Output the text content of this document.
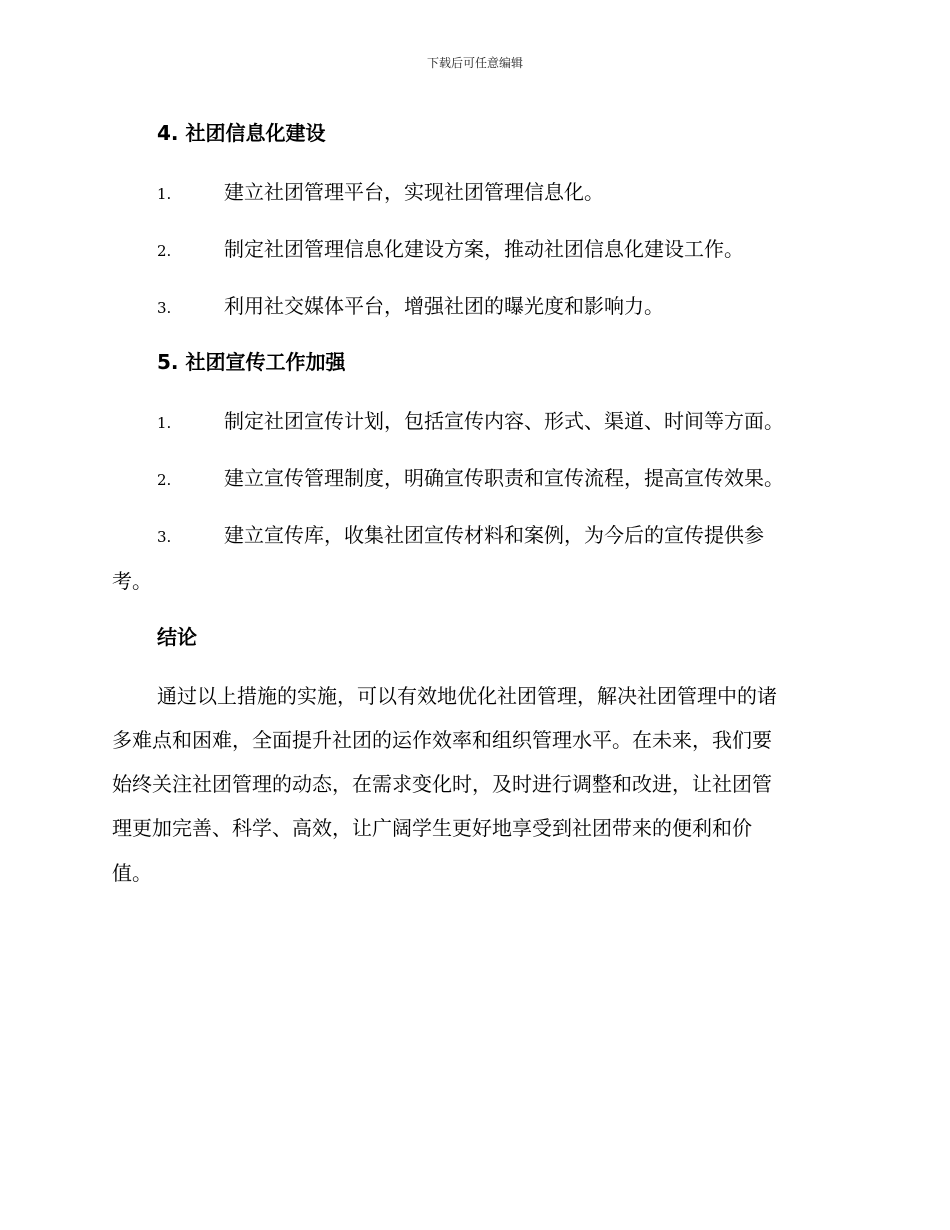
下载后可任意编辑
4. 社团信息化建设
1.	建立社团管理平台，实现社团管理信息化。
2.	制定社团管理信息化建设方案，推动社团信息化建设工作。
3.	利用社交媒体平台，增强社团的曝光度和影响力。
5. 社团宣传工作加强
1.	制定社团宣传计划，包括宣传内容、形式、渠道、时间等方面。
2.	建立宣传管理制度，明确宣传职责和宣传流程，提高宣传效果。
3.	建立宣传库，收集社团宣传材料和案例，为今后的宣传提供参
考。
结论
通过以上措施的实施，可以有效地优化社团管理，解决社团管理中的诸
多难点和困难，全面提升社团的运作效率和组织管理水平。在未来，我们要
始终关注社团管理的动态，在需求变化时，及时进行调整和改进，让社团管
理更加完善、科学、高效，让广阔学生更好地享受到社团带来的便利和价
值。
